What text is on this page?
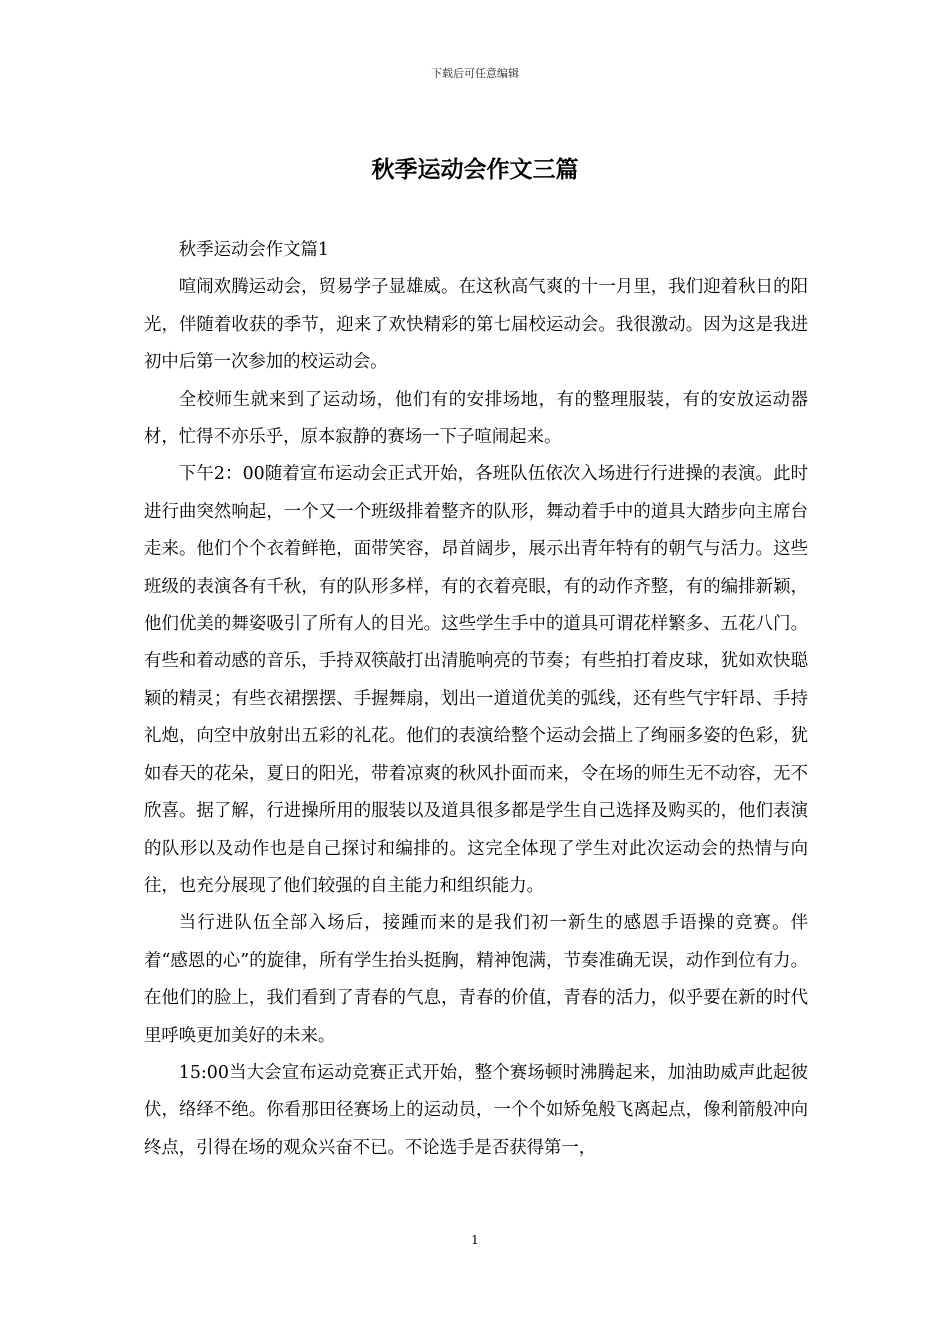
下载后可任意编辑
秋季运动会作文三篇

秋季运动会作文篇1

喧闹欢腾运动会，贸易学子显雄威。在这秋高气爽的十一月里，我们迎着秋日的阳光，伴随着收获的季节，迎来了欢快精彩的第七届校运动会。我很激动。因为这是我进初中后第一次参加的校运动会。

全校师生就来到了运动场，他们有的安排场地，有的整理服装，有的安放运动器材，忙得不亦乐乎，原本寂静的赛场一下子喧闹起来。

下午2：00随着宣布运动会正式开始，各班队伍依次入场进行行进操的表演。此时进行曲突然响起，一个又一个班级排着整齐的队形，舞动着手中的道具大踏步向主席台走来。他们个个衣着鲜艳，面带笑容，昂首阔步，展示出青年特有的朝气与活力。这些班级的表演各有千秋，有的队形多样，有的衣着亮眼，有的动作齐整，有的编排新颖，他们优美的舞姿吸引了所有人的目光。这些学生手中的道具可谓花样繁多、五花八门。有些和着动感的音乐，手持双筷敲打出清脆响亮的节奏；有些拍打着皮球，犹如欢快聪颖的精灵；有些衣裙摆摆、手握舞扇，划出一道道优美的弧线，还有些气宇轩昂、手持礼炮，向空中放射出五彩的礼花。他们的表演给整个运动会描上了绚丽多姿的色彩，犹如春天的花朵，夏日的阳光，带着凉爽的秋风扑面而来，令在场的师生无不动容，无不欣喜。据了解，行进操所用的服装以及道具很多都是学生自己选择及购买的，他们表演的队形以及动作也是自己探讨和编排的。这完全体现了学生对此次运动会的热情与向往，也充分展现了他们较强的自主能力和组织能力。

当行进队伍全部入场后，接踵而来的是我们初一新生的感恩手语操的竞赛。伴着“感恩的心”的旋律，所有学生抬头挺胸，精神饱满，节奏准确无误，动作到位有力。在他们的脸上，我们看到了青春的气息，青春的价值，青春的活力，似乎要在新的时代里呼唤更加美好的未来。

15:00当大会宣布运动竞赛正式开始，整个赛场顿时沸腾起来，加油助威声此起彼伏，络绎不绝。你看那田径赛场上的运动员，一个个如矫兔般飞离起点，像利箭般冲向终点，引得在场的观众兴奋不已。不论选手是否获得第一，

1
